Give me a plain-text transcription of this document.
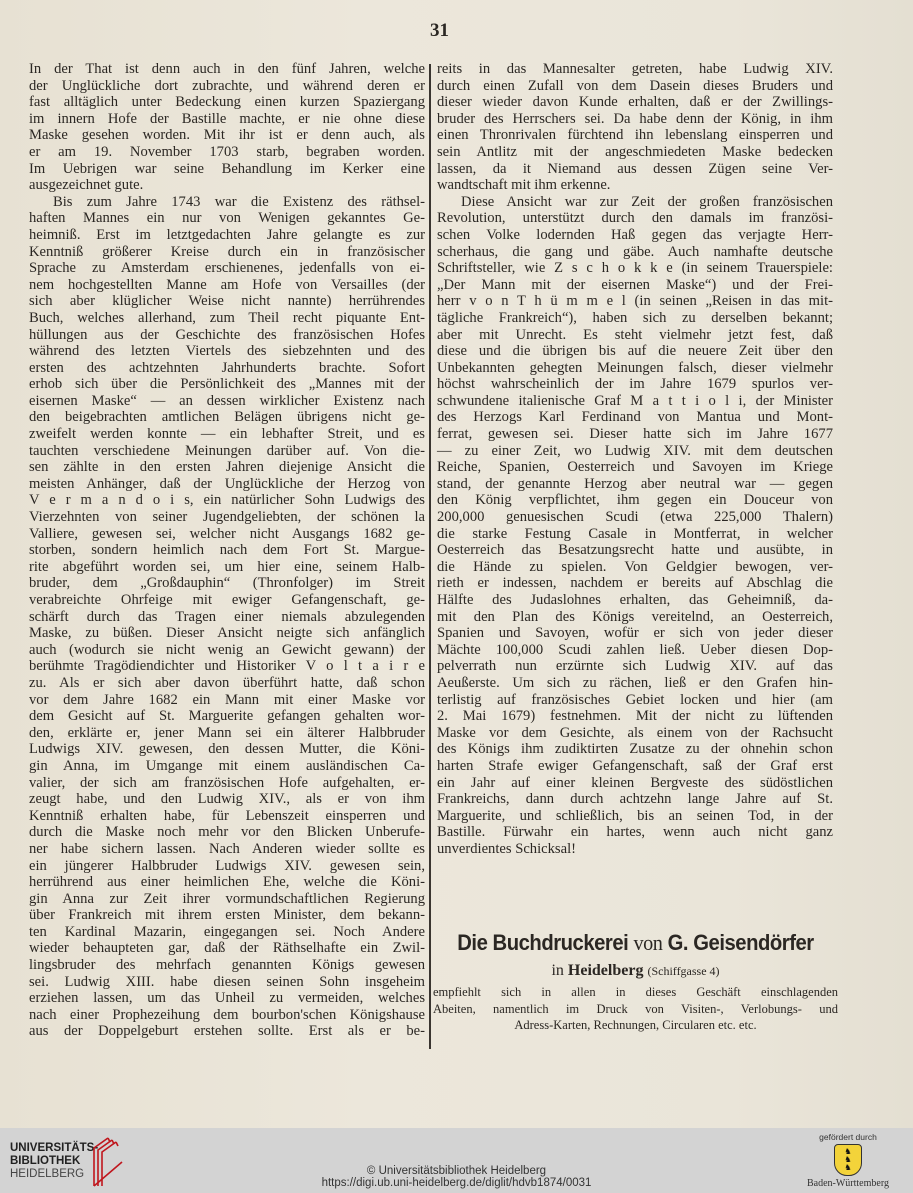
31
In der That ist denn auch in den fünf Jahren, welche
der Unglückliche dort zubrachte, und während deren er
fast alltäglich unter Bedeckung einen kurzen Spaziergang
im innern Hofe der Bastille machte, er nie ohne diese
Maske gesehen worden. Mit ihr ist er denn auch, als
er am 19. November 1703 starb, begraben worden.
Im Uebrigen war seine Behandlung im Kerker eine
ausgezeichnet gute.
Bis zum Jahre 1743 war die Existenz des räthsel-
haften Mannes ein nur von Wenigen gekanntes Ge-
heimniß. Erst im letztgedachten Jahre gelangte es zur
Kenntniß größerer Kreise durch ein in französischer
Sprache zu Amsterdam erschienenes, jedenfalls von ei-
nem hochgestellten Manne am Hofe von Versailles (der
sich aber klüglicher Weise nicht nannte) herrührendes
Buch, welches allerhand, zum Theil recht piquante Ent-
hüllungen aus der Geschichte des französischen Hofes
während des letzten Viertels des siebzehnten und des
ersten des achtzehnten Jahrhunderts brachte. Sofort
erhob sich über die Persönlichkeit des „Mannes mit der
eisernen Maske“ — an dessen wirklicher Existenz nach
den beigebrachten amtlichen Belägen übrigens nicht ge-
zweifelt werden konnte — ein lebhafter Streit, und es
tauchten verschiedene Meinungen darüber auf. Von die-
sen zählte in den ersten Jahren diejenige Ansicht die
meisten Anhänger, daß der Unglückliche der Herzog von
V e r m a n d o i s, ein natürlicher Sohn Ludwigs des
Vierzehnten von seiner Jugendgeliebten, der schönen la
Valliere, gewesen sei, welcher nicht Ausgangs 1682 ge-
storben, sondern heimlich nach dem Fort St. Margue-
rite abgeführt worden sei, um hier eine, seinem Halb-
bruder, dem „Großdauphin“ (Thronfolger) im Streit
verabreichte Ohrfeige mit ewiger Gefangenschaft, ge-
schärft durch das Tragen einer niemals abzulegenden
Maske, zu büßen. Dieser Ansicht neigte sich anfänglich
auch (wodurch sie nicht wenig an Gewicht gewann) der
berühmte Tragödiendichter und Historiker V o l t a i r e
zu. Als er sich aber davon überführt hatte, daß schon
vor dem Jahre 1682 ein Mann mit einer Maske vor
dem Gesicht auf St. Marguerite gefangen gehalten wor-
den, erklärte er, jener Mann sei ein älterer Halbbruder
Ludwigs XIV. gewesen, den dessen Mutter, die Köni-
gin Anna, im Umgange mit einem ausländischen Ca-
valier, der sich am französischen Hofe aufgehalten, er-
zeugt habe, und den Ludwig XIV., als er von ihm
Kenntniß erhalten habe, für Lebenszeit einsperren und
durch die Maske noch mehr vor den Blicken Unberufe-
ner habe sichern lassen. Nach Anderen wieder sollte es
ein jüngerer Halbbruder Ludwigs XIV. gewesen sein,
herrührend aus einer heimlichen Ehe, welche die Köni-
gin Anna zur Zeit ihrer vormundschaftlichen Regierung
über Frankreich mit ihrem ersten Minister, dem bekann-
ten Kardinal Mazarin, eingegangen sei. Noch Andere
wieder behaupteten gar, daß der Räthselhafte ein Zwil-
lingsbruder des mehrfach genannten Königs gewesen
sei. Ludwig XIII. habe diesen seinen Sohn insgeheim
erziehen lassen, um das Unheil zu vermeiden, welches
nach einer Prophezeihung dem bourbon'schen Königshause
aus der Doppelgeburt erstehen sollte. Erst als er be-
reits in das Mannesalter getreten, habe Ludwig XIV.
durch einen Zufall von dem Dasein dieses Bruders und
dieser wieder davon Kunde erhalten, daß er der Zwillings-
bruder des Herrschers sei. Da habe denn der König, in ihm
einen Thronrivalen fürchtend ihn lebenslang einsperren und
sein Antlitz mit der angeschmiedeten Maske bedecken
lassen, da it Niemand aus dessen Zügen seine Ver-
wandtschaft mit ihm erkenne.
Diese Ansicht war zur Zeit der großen französischen
Revolution, unterstützt durch den damals im französi-
schen Volke lodernden Haß gegen das verjagte Herr-
scherhaus, die gang und gäbe. Auch namhafte deutsche
Schriftsteller, wie Z s c h o k k e (in seinem Trauerspiele:
„Der Mann mit der eisernen Maske“) und der Frei-
herr v o n T h ü m m e l (in seinen „Reisen in das mit-
tägliche Frankreich“), haben sich zu derselben bekannt;
aber mit Unrecht. Es steht vielmehr jetzt fest, daß
diese und die übrigen bis auf die neuere Zeit über den
Unbekannten gehegten Meinungen falsch, dieser vielmehr
höchst wahrscheinlich der im Jahre 1679 spurlos ver-
schwundene italienische Graf M a t t i o l i, der Minister
des Herzogs Karl Ferdinand von Mantua und Mont-
ferrat, gewesen sei. Dieser hatte sich im Jahre 1677
— zu einer Zeit, wo Ludwig XIV. mit dem deutschen
Reiche, Spanien, Oesterreich und Savoyen im Kriege
stand, der genannte Herzog aber neutral war — gegen
den König verpflichtet, ihm gegen ein Douceur von
200,000 genuesischen Scudi (etwa 225,000 Thalern)
die starke Festung Casale in Montferrat, in welcher
Oesterreich das Besatzungsrecht hatte und ausübte, in
die Hände zu spielen. Von Geldgier bewogen, ver-
rieth er indessen, nachdem er bereits auf Abschlag die
Hälfte des Judaslohnes erhalten, das Geheimniß, da-
mit den Plan des Königs vereitelnd, an Oesterreich,
Spanien und Savoyen, wofür er sich von jeder dieser
Mächte 100,000 Scudi zahlen ließ. Ueber diesen Dop-
pelverrath nun erzürnte sich Ludwig XIV. auf das
Aeußerste. Um sich zu rächen, ließ er den Grafen hin-
terlistig auf französisches Gebiet locken und hier (am
2. Mai 1679) festnehmen. Mit der nicht zu lüftenden
Maske vor dem Gesichte, als einem von der Rachsucht
des Königs ihm zudiktirten Zusatze zu der ohnehin schon
harten Strafe ewiger Gefangenschaft, saß der Graf erst
ein Jahr auf einer kleinen Bergveste des südöstlichen
Frankreichs, dann durch achtzehn lange Jahre auf St.
Marguerite, und schließlich, bis an seinen Tod, in der
Bastille. Fürwahr ein hartes, wenn auch nicht ganz
unverdientes Schicksal!
Die Buchdruckerei von G. Geisendörfer
in Heidelberg (Schiffgasse 4)
empfiehlt sich in allen in dieses Geschäft einschlagenden
Abeiten, namentlich im Druck von Visiten-, Verlobungs- und
Adress-Karten, Rechnungen, Circularen etc. etc.
UNIVERSITÄTS-
BIBLIOTHEK
HEIDELBERG	© Universitätsbibliothek Heidelberg
https://digi.ub.uni-heidelberg.de/diglit/hdvb1874/0031
gefördert durch
♞
♞
♞
Baden-Württemberg
